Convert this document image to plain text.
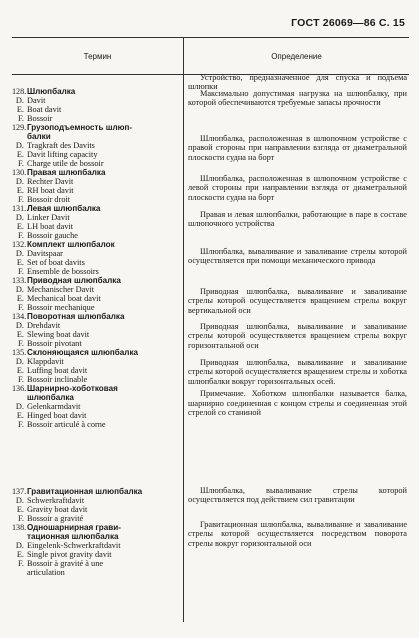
ГОСТ 26069—86 С. 15
Термин	Определение
128.Шлюпбалка
D. Davit
E. Boat davit
F. Bossoir
Устройство, предназначенное для спуска и подъема шлюпки
129.Грузоподъемность шлюп-
балки
D. Tragkraft des Davits
E. Davit lifting capacity
F. Charge utile de bossoir
Максимально допустимая нагрузка на шлюпбалку, при которой обеспечиваются требуемые запасы прочности
130.Правая шлюпбалка
D. Rechter Davit
E. RH boat davit
F. Bossoir droit
Шлюпбалка, расположенная в шлюпочном устройстве с правой стороны при направлении взгляда от диаметральной плоскости судна на борт
131.Левая шлюпбалка
D. Linker Davit
E. LH boat davit
F. Bossoir gauche
Шлюпбалка, расположенная в шлюпочном устройстве с левой стороны при направлении взгляда от диаметральной плоскости судна на борт
132.Комплект шлюпбалок
D. Davitspaar
E. Set of boat davits
F. Ensemble de bossoirs
Правая и левая шлюпбалки, работающие в паре в составе шлюпочного устройства
133.Приводная шлюпбалка
D. Mechanischer Davit
E. Mechanical boat davit
F. Bossoir mechanique
Шлюпбалка, вываливание и заваливание стрелы которой осуществляется при помощи механического привода
134.Поворотная шлюпбалка
D. Drehdavit
E. Slewing boat davit
F. Bossoir pivotant
Приводная шлюпбалка, вываливание и заваливание стрелы которой осуществляется вращением стрелы вокруг вертикальной оси
135.Склоняющаяся шлюпбалка
D. Klappdavit
E. Luffing boat davit
F. Bossoir inclinable
Приводная шлюпбалка, вываливание и заваливание стрелы которой осуществляется вращением стрелы вокруг горизонтальной оси
136.Шарнирно-хоботковая
шлюпбалка
D. Gelenkarmdavit
E. Hinged boat davit
F. Bossoir articulé à corne
Приводная шлюпбалка, вываливание и заваливание стрелы которой осуществляется вращением стрелы и хоботка шлюпбалки вокруг горизонтальных осей.
Примечание. Хоботком шлюпбалки называется балка, шарнирно соединенная с концом стрелы и соединенная этой стрелой со станиной
137.Гравитационная шлюпбалка
D. Schwerkraftdavit
E. Gravity boat davit
F. Bossoir a gravité
Шлюпбалка, вываливание стрелы которой осуществляется под действием сил гравитации
138.Одношарнирная грави-
тационная шлюпбалка
D. Eingelenk-Schwerkraftdavit
E. Single pivot gravity davit
F. Bossoir à gravité à une
articulation
Гравитационная шлюпбалка, вываливание и заваливание стрелы которой осуществляется посредством поворота стрелы вокруг горизонтальной оси
